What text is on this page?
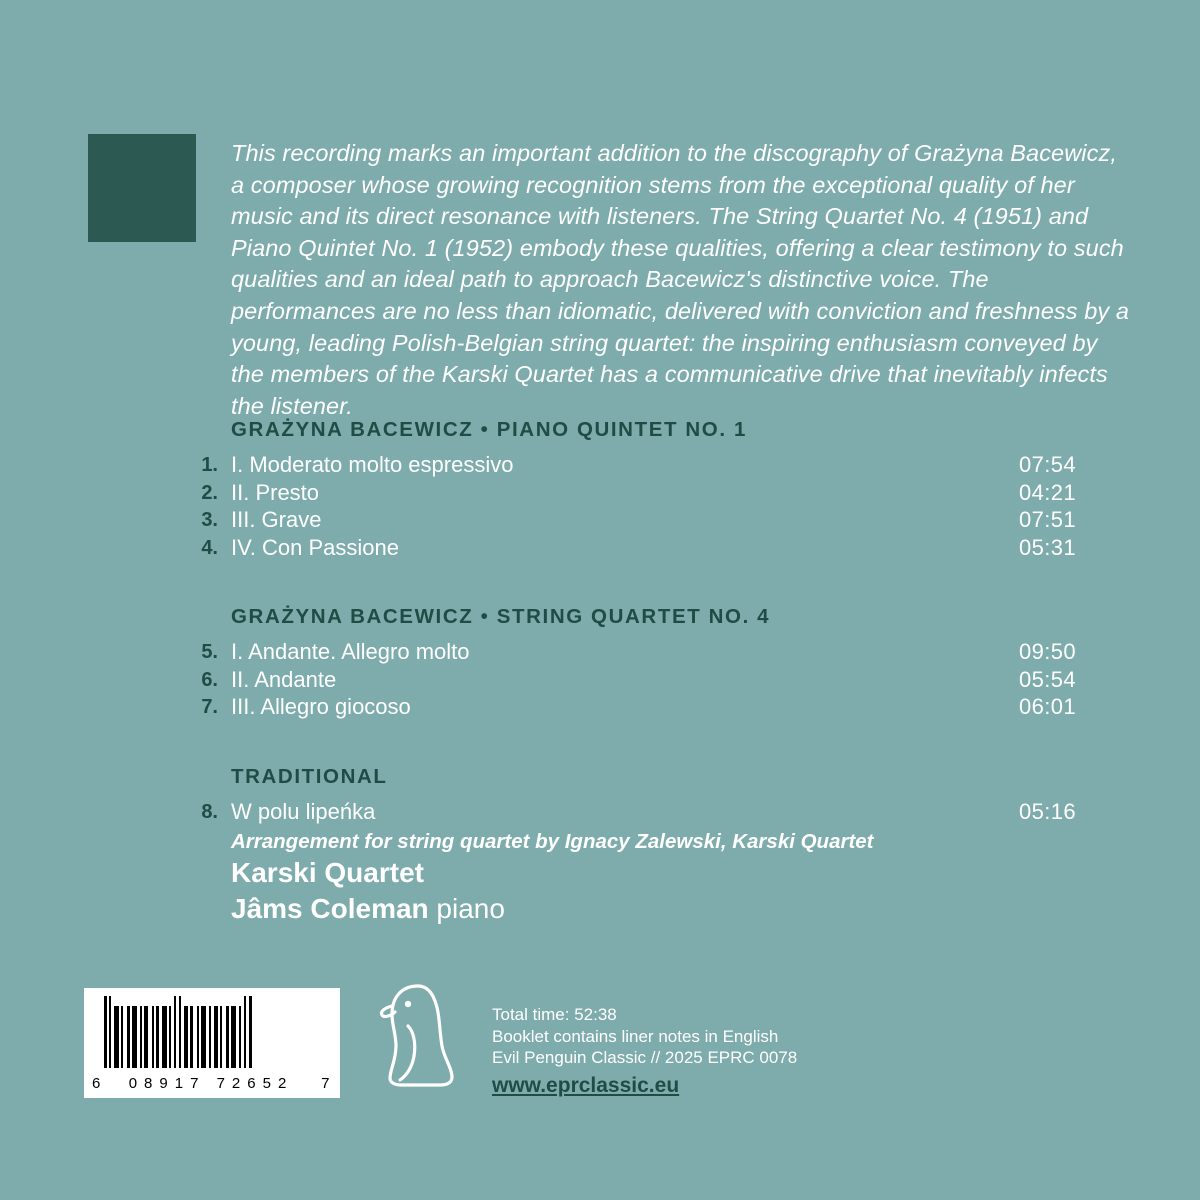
This recording marks an important addition to the discography of Grażyna Bacewicz, a composer whose growing recognition stems from the exceptional quality of her music and its direct resonance with listeners. The String Quartet No. 4 (1951) and Piano Quintet No. 1 (1952) embody these qualities, offering a clear testimony to such qualities and an ideal path to approach Bacewicz's distinctive voice. The performances are no less than idiomatic, delivered with conviction and freshness by a young, leading Polish-Belgian string quartet: the inspiring enthusiasm conveyed by the members of the Karski Quartet has a communicative drive that inevitably infects the listener.
GRAŻYNA BACEWICZ • PIANO QUINTET NO. 1
1. I. Moderato molto espressivo	07:54
2. II. Presto	04:21
3. III. Grave	07:51
4. IV. Con Passione	05:31
GRAŻYNA BACEWICZ • STRING QUARTET NO. 4
5. I. Andante. Allegro molto	09:50
6. II. Andante	05:54
7. III. Allegro giocoso	06:01
TRADITIONAL
8. W polu lipeńka	05:16
Arrangement for string quartet by Ignacy Zalewski, Karski Quartet
Karski Quartet
Jâms Coleman piano
6 08917 72652 7
Total time: 52:38
Booklet contains liner notes in English
Evil Penguin Classic // 2025 EPRC 0078
www.eprclassic.eu
